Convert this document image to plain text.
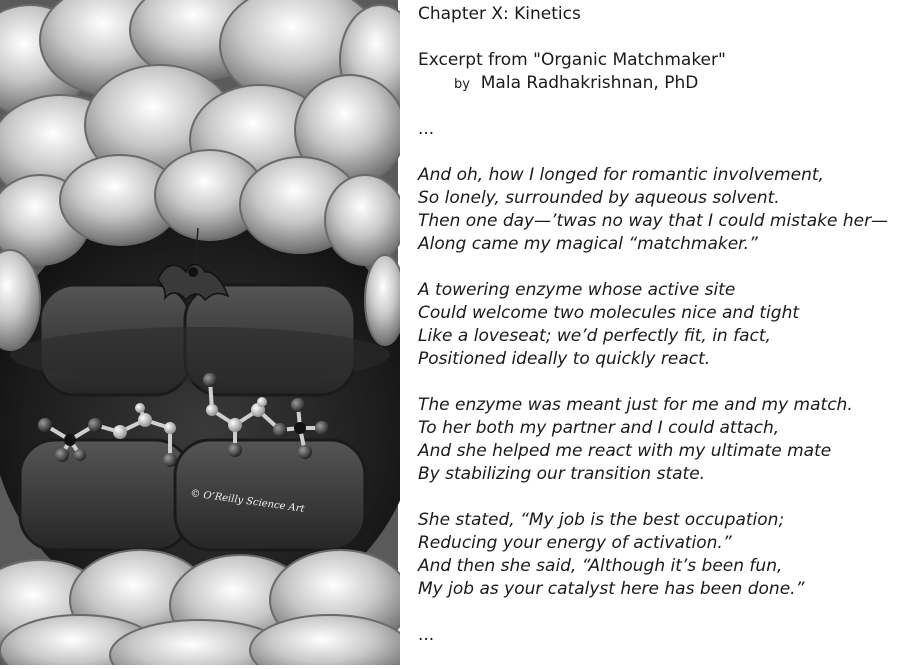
© O’Reilly Science Art
Chapter X: Kinetics
Excerpt from "Organic Matchmaker"
by Mala Radhakrishnan, PhD
...
And oh, how I longed for romantic involvement,
So lonely, surrounded by aqueous solvent.
Then one day—’twas no way that I could mistake her—
Along came my magical “matchmaker.”
A towering enzyme whose active site
Could welcome two molecules nice and tight
Like a loveseat; we’d perfectly fit, in fact,
Positioned ideally to quickly react.
The enzyme was meant just for me and my match.
To her both my partner and I could attach,
And she helped me react with my ultimate mate
By stabilizing our transition state.
She stated, “My job is the best occupation;
Reducing your energy of activation.”
And then she said, “Although it’s been fun,
My job as your catalyst here has been done.”
...
